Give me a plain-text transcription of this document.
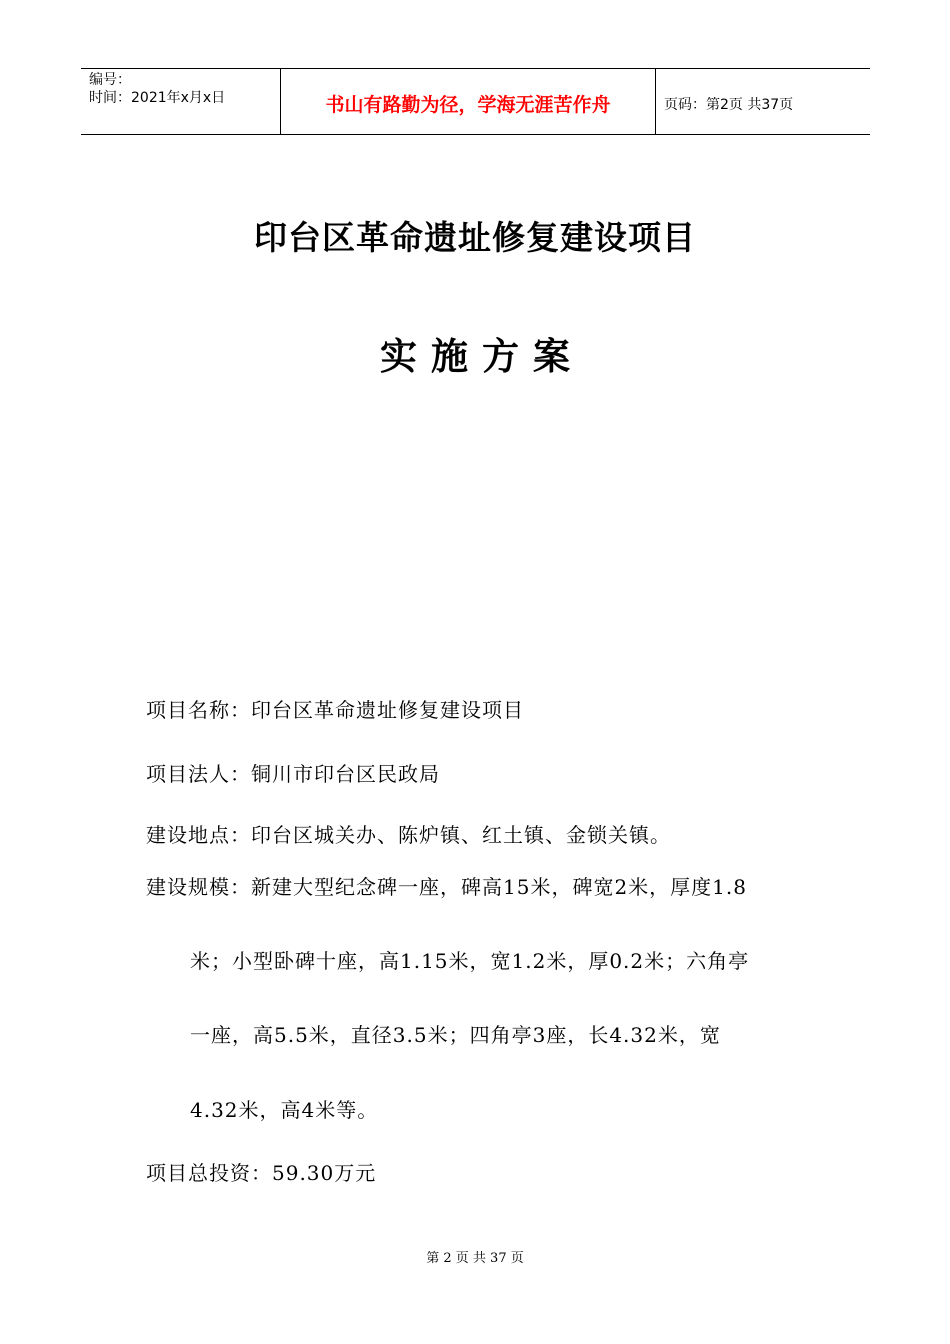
编号：
时间：2021年x月x日	书山有路勤为径，学海无涯苦作舟	页码：第2页 共37页
印台区革命遗址修复建设项目
实施方案
项目名称：印台区革命遗址修复建设项目
项目法人：铜川市印台区民政局
建设地点：印台区城关办、陈炉镇、红土镇、金锁关镇。
建设规模：新建大型纪念碑一座，碑高15米，碑宽2米，厚度1.8
米；小型卧碑十座，高1.15米，宽1.2米，厚0.2米；六角亭
一座，高5.5米，直径3.5米；四角亭3座，长4.32米，宽
4.32米，高4米等。
项目总投资：59.30万元
第 2 页 共 37 页
